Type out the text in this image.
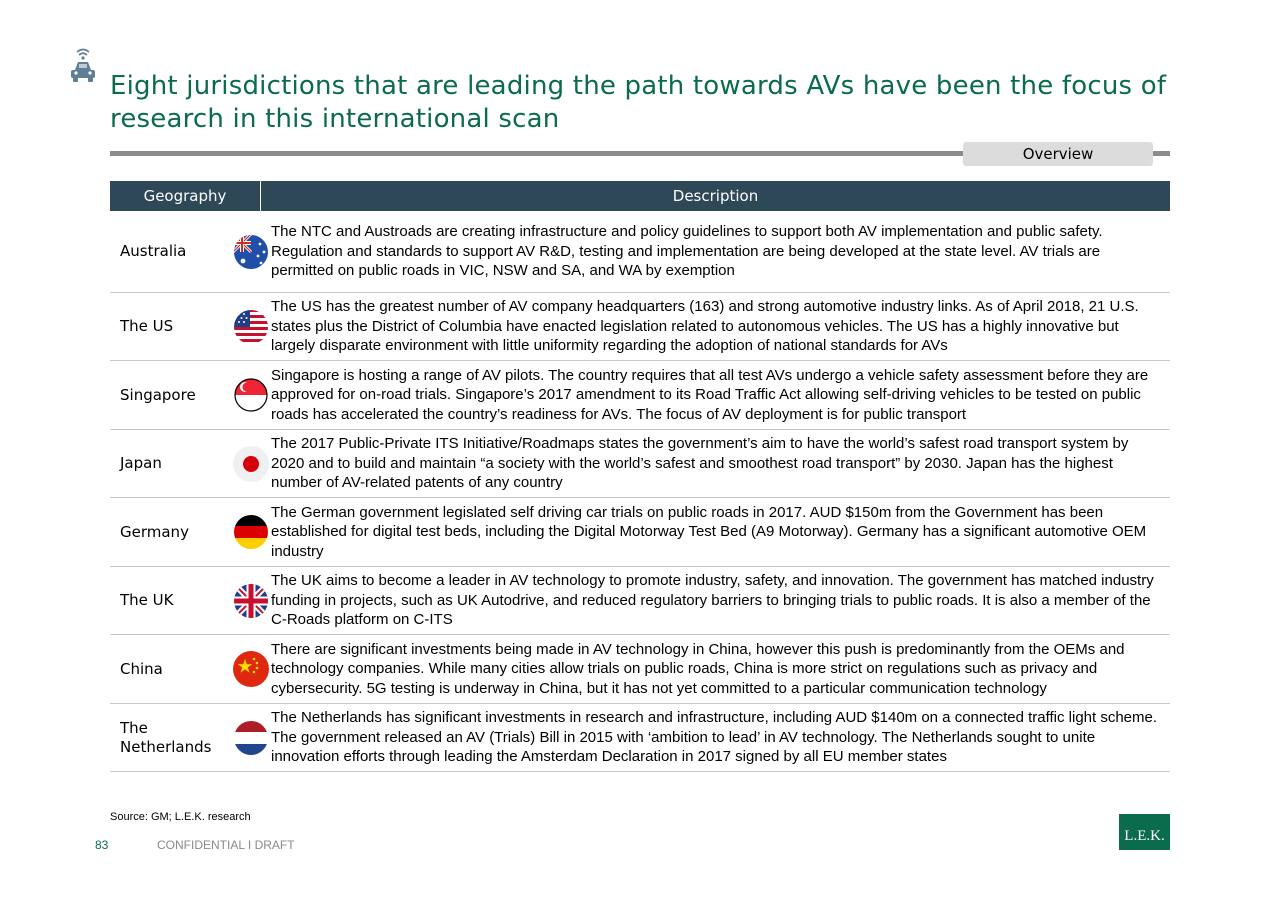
Eight jurisdictions that are leading the path towards AVs have been the focus of research in this international scan
Overview
Geography	Description
Australia
The NTC and Austroads are creating infrastructure and policy guidelines to support both AV implementation and public safety. Regulation and standards to support AV R&D, testing and implementation are being developed at the state level. AV trials are permitted on public roads in VIC, NSW and SA, and WA by exemption
The US
The US has the greatest number of AV company headquarters (163) and strong automotive industry links. As of April 2018, 21 U.S. states plus the District of Columbia have enacted legislation related to autonomous vehicles. The US has a highly innovative but largely disparate environment with little uniformity regarding the adoption of national standards for AVs
Singapore
Singapore is hosting a range of AV pilots. The country requires that all test AVs undergo a vehicle safety assessment before they are approved for on-road trials. Singapore’s 2017 amendment to its Road Traffic Act allowing self-driving vehicles to be tested on public roads has accelerated the country’s readiness for AVs. The focus of AV deployment is for public transport
Japan
The 2017 Public-Private ITS Initiative/Roadmaps states the government’s aim to have the world’s safest road transport system by 2020 and to build and maintain “a society with the world’s safest and smoothest road transport” by 2030. Japan has the highest number of AV-related patents of any country
Germany
The German government legislated self driving car trials on public roads in 2017. AUD $150m from the Government has been established for digital test beds, including the Digital Motorway Test Bed (A9 Motorway). Germany has a significant automotive OEM industry
The UK
The UK aims to become a leader in AV technology to promote industry, safety, and innovation. The government has matched industry funding in projects, such as UK Autodrive, and reduced regulatory barriers to bringing trials to public roads. It is also a member of the C-Roads platform on C-ITS
China
There are significant investments being made in AV technology in China, however this push is predominantly from the OEMs and technology companies. While many cities allow trials on public roads, China is more strict on regulations such as privacy and cybersecurity. 5G testing is underway in China, but it has not yet committed to a particular communication technology
The Netherlands
The Netherlands has significant investments in research and infrastructure, including AUD $140m on a connected traffic light scheme. The government released an AV (Trials) Bill in 2015 with ‘ambition to lead’ in AV technology. The Netherlands sought to unite innovation efforts through leading the Amsterdam Declaration in 2017 signed by all EU member states
Source: GM; L.E.K. research
83	CONFIDENTIAL I DRAFT
L.E.K.
